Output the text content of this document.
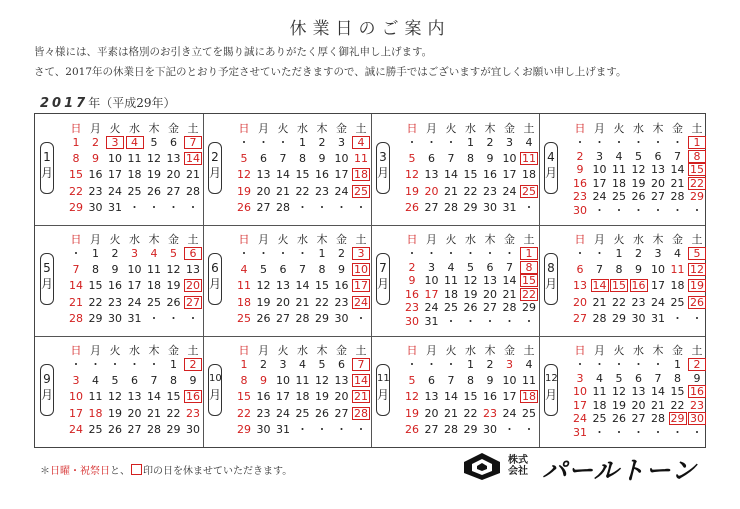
休業日のご案内
皆々様には、平素は格別のお引き立てを賜り誠にありがたく厚く御礼申し上げます。
さて、2017年の休業日を下記のとおり予定させていただきますので、誠に勝手ではございますが宜しくお願い申し上げます。
2017年（平成29年）
1
月
日 月 火 水 木 金 土
1	2	3	4	5	6	7
8	9 10 11 12 13 14
15 16 17 18 19 20 21
22 23 24 25 26 27 28
29 30 31 ・ ・ ・ ・
2
月
日 月 火 水 木 金 土
・ ・ ・ 1	2	3	4
5	6	7	8	9 10 11
12 13 14 15 16 17 18
19 20 21 22 23 24 25
26 27 28 ・ ・ ・ ・
3
月
日 月 火 水 木 金 土
・ ・ ・ 1	2	3	4
5	6	7	8	9 10 11
12 13 14 15 16 17 18
19 20 21 22 23 24 25
26 27 28 29 30 31 ・
4
月
日 月 火 水 木 金 土
・ ・ ・ ・ ・ ・ 1
2	3	4	5	6	7	8
9 10 11 12 13 14 15
16 17 18 19 20 21 22
23 24 25 26 27 28 29
30 ・ ・ ・ ・ ・ ・
5
月
日 月 火 水 木 金 土
・ 1	2	3	4	5	6
7	8	9 10 11 12 13
14 15 16 17 18 19 20
21 22 23 24 25 26 27
28 29 30 31 ・ ・ ・
6
月
日 月 火 水 木 金 土
・ ・ ・ ・ 1	2	3
4	5	6	7	8	9 10
11 12 13 14 15 16 17
18 19 20 21 22 23 24
25 26 27 28 29 30 ・
7
月
日 月 火 水 木 金 土
・ ・ ・ ・ ・ ・ 1
2	3	4	5	6	7	8
9 10 11 12 13 14 15
16 17 18 19 20 21 22
23 24 25 26 27 28 29
30 31 ・ ・ ・ ・ ・
8
月
日 月 火 水 木 金 土
・ ・ 1	2	3	4	5
6	7	8	9 10 11 12
13 14 15 16 17 18 19
20 21 22 23 24 25 26
27 28 29 30 31 ・ ・
9
月
日 月 火 水 木 金 土
・ ・ ・ ・ ・ 1	2
3	4	5	6	7	8	9
10 11 12 13 14 15 16
17 18 19 20 21 22 23
24 25 26 27 28 29 30
10
月
日 月 火 水 木 金 土
1	2	3	4	5	6	7
8	9 10 11 12 13 14
15 16 17 18 19 20 21
22 23 24 25 26 27 28
29 30 31 ・ ・ ・ ・
11
月
日 月 火 水 木 金 土
・ ・ ・ 1	2	3	4
5	6	7	8	9 10 11
12 13 14 15 16 17 18
19 20 21 22 23 24 25
26 27 28 29 30 ・ ・
12
月
日 月 火 水 木 金 土
・ ・ ・ ・ ・ 1	2
3	4	5	6	7	8	9
10 11 12 13 14 15 16
17 18 19 20 21 22 23
24 25 26 27 28 29 30
31 ・ ・ ・ ・ ・ ・
＊日曜・祝祭日と、 印の日を休ませていただきます。
株式会社 パールトーン
